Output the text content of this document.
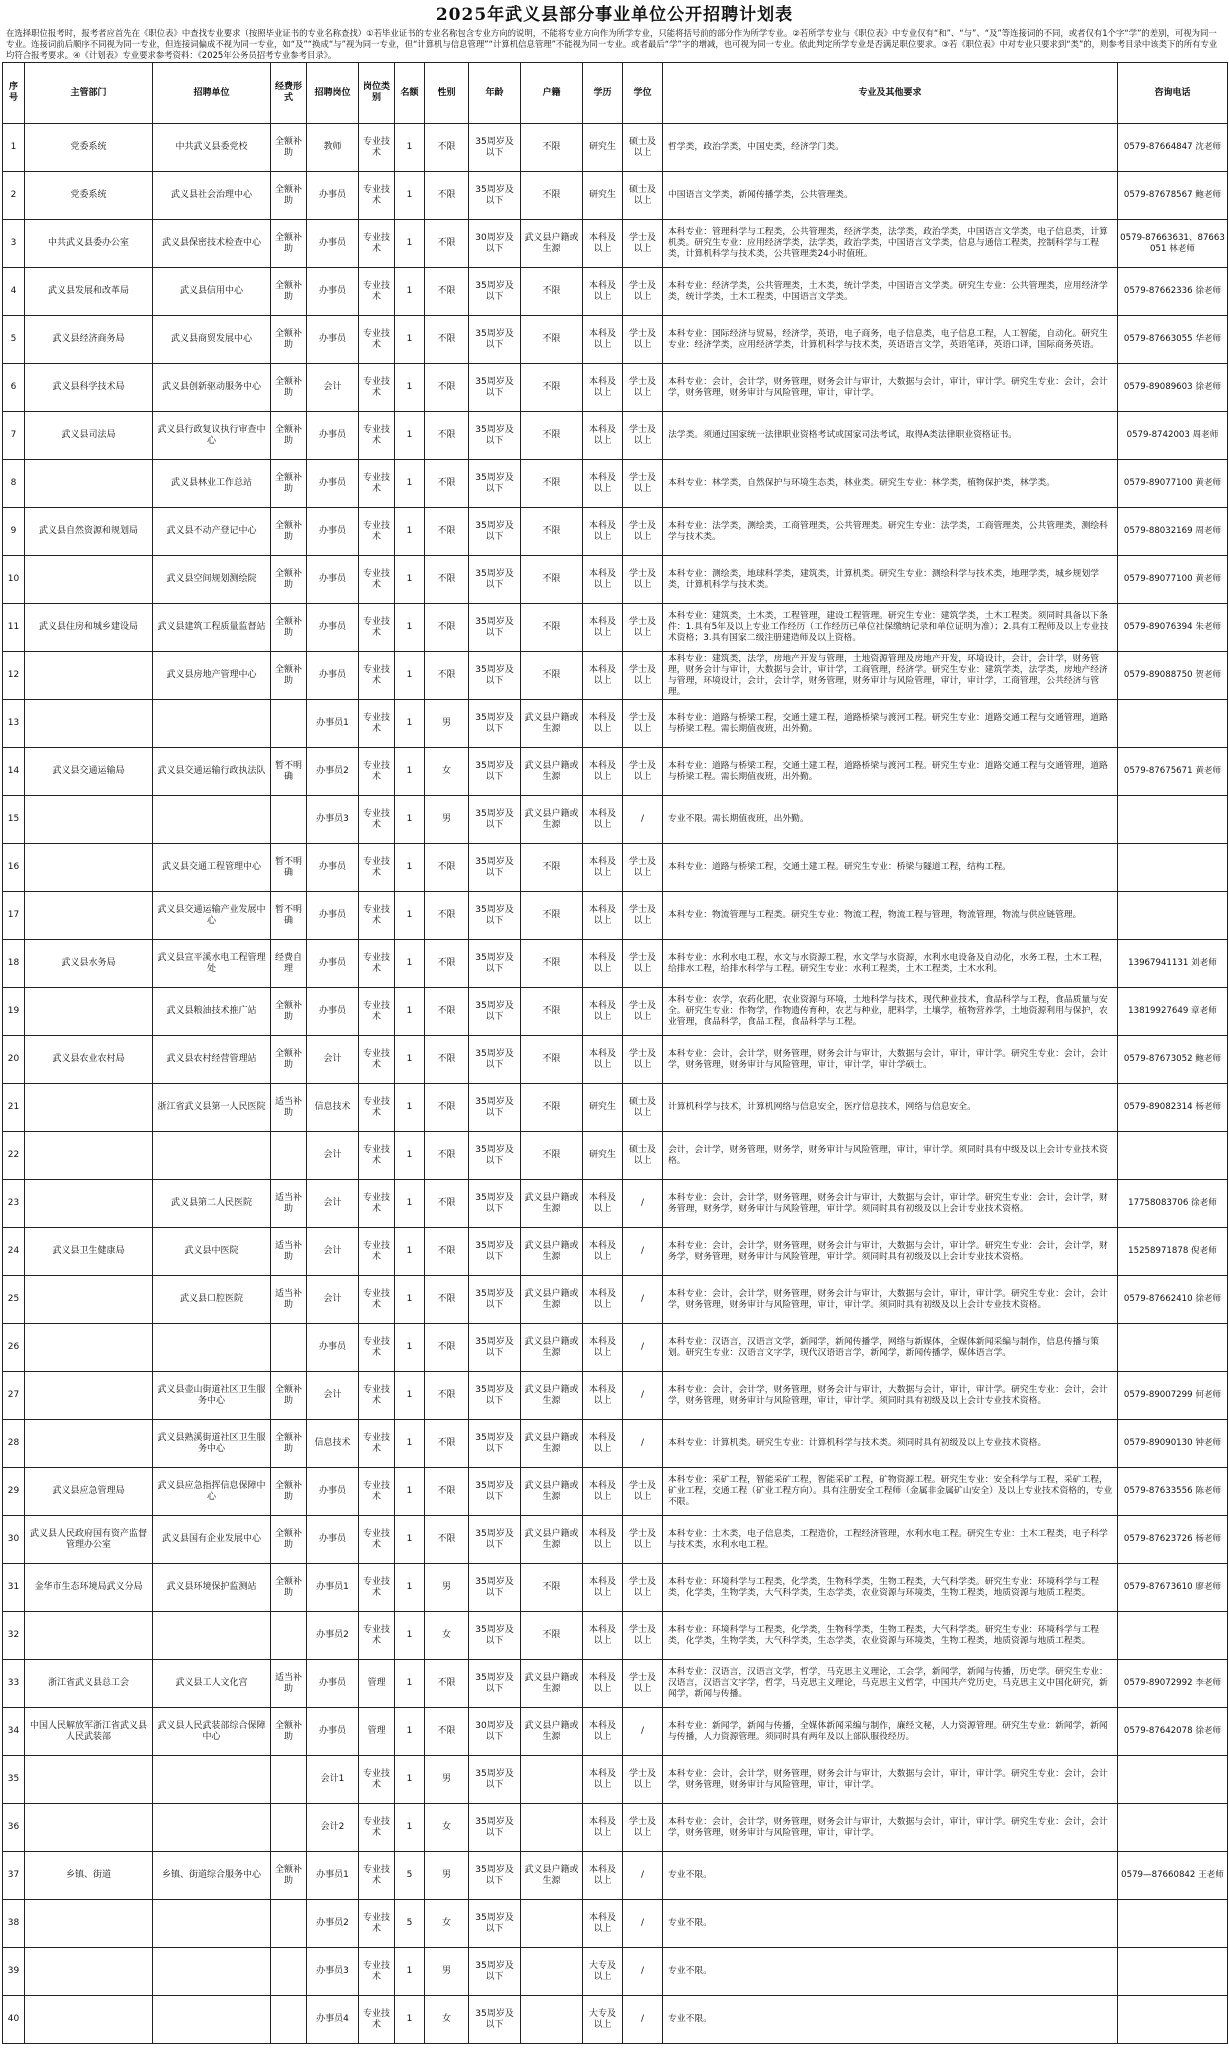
2025年武义县部分事业单位公开招聘计划表
在选择职位报考时，报考者应首先在《职位表》中查找专业要求（按照毕业证书的专业名称查找）①若毕业证书的专业名称包含专业方向的说明，不能将专业方向作为所学专业，只能将括号前的部分作为所学专业。②若所学专业与《职位表》中专业仅有“和”、“与”、“及”等连接词的不同，或者仅有1个字“学”的差别，可视为同一专业。连接词前后顺序不同视为同一专业，但连接词偏成不视为同一专业，如“及”“换成“与”视为同一专业，但“计算机与信息管理”“计算机信息管理”不能视为同一专业。或者最后“学”字的增减，也可视为同一专业。依此判定所学专业是否满足职位要求。③若《职位表》中对专业只要求到“类”的，则参考目录中该类下的所有专业均符合报考要求。④《计划表》专业要求参考资料：《2025年公务员招考专业参考目录》。
序号	主管部门	招聘单位	经费形式	招聘岗位	岗位类别	名额	性别	年龄	户籍	学历	学位	专业及其他要求	咨询电话
1	党委系统	中共武义县委党校	全额补助	教师	专业技术	1	不限	35周岁及以下	不限	研究生	硕士及以上	哲学类，政治学类，中国史类，经济学门类。	0579-87664847 沈老师
2	党委系统	武义县社会治理中心	全额补助	办事员	专业技术	1	不限	35周岁及以下	不限	研究生	硕士及以上	中国语言文学类，新闻传播学类，公共管理类。	0579-87678567 鲍老师
3	中共武义县委办公室	武义县保密技术检查中心	全额补助	办事员	专业技术	1	不限	30周岁及以下	武义县户籍或生源	本科及以上	学士及以上	本科专业：管理科学与工程类，公共管理类，经济学类，法学类，政治学类，中国语言文学类，电子信息类，计算机类。研究生专业：应用经济学类，法学类，政治学类，中国语言文学类，信息与通信工程类，控制科学与工程类，计算机科学与技术类，公共管理类24小时值班。	0579-87663631、87663051 林老师
4	武义县发展和改革局	武义县信用中心	全额补助	办事员	专业技术	1	不限	35周岁及以下	不限	本科及以上	学士及以上	本科专业：经济学类，公共管理类，土木类，统计学类，中国语言文学类。研究生专业：公共管理类，应用经济学类，统计学类，土木工程类，中国语言文学类。	0579-87662336 徐老师
5	武义县经济商务局	武义县商贸发展中心	全额补助	办事员	专业技术	1	不限	35周岁及以下	不限	本科及以上	学士及以上	本科专业：国际经济与贸易，经济学，英语，电子商务，电子信息类，电子信息工程，人工智能，自动化。研究生专业：经济学类，应用经济学类，计算机科学与技术类，英语语言文学，英语笔译，英语口译，国际商务英语。	0579-87663055 华老师
6	武义县科学技术局	武义县创新驱动服务中心	全额补助	会计	专业技术	1	不限	35周岁及以下	不限	本科及以上	学士及以上	本科专业：会计，会计学，财务管理，财务会计与审计，大数据与会计，审计，审计学。研究生专业：会计，会计学，财务管理，财务审计与风险管理，审计，审计学。	0579-89089603 徐老师
7	武义县司法局	武义县行政复议执行审查中心	全额补助	办事员	专业技术	1	不限	35周岁及以下	不限	本科及以上	学士及以上	法学类。须通过国家统一法律职业资格考试或国家司法考试，取得A类法律职业资格证书。	0579-8742003 周老师
8		武义县林业工作总站	全额补助	办事员	专业技术	1	不限	35周岁及以下	不限	本科及以上	学士及以上	本科专业：林学类，自然保护与环境生态类，林业类。研究生专业：林学类，植物保护类，林学类。	0579-89077100 黄老师
9	武义县自然资源和规划局	武义县不动产登记中心	全额补助	办事员	专业技术	1	不限	35周岁及以下	不限	本科及以上	学士及以上	本科专业：法学类，测绘类，工商管理类，公共管理类。研究生专业：法学类，工商管理类，公共管理类，测绘科学与技术类。	0579-88032169 周老师
10		武义县空间规划测绘院	全额补助	办事员	专业技术	1	不限	35周岁及以下	不限	本科及以上	学士及以上	本科专业：测绘类，地球科学类，建筑类，计算机类。研究生专业：测绘科学与技术类，地理学类，城乡规划学类，计算机科学与技术类。	0579-89077100 黄老师
11	武义县住房和城乡建设局	武义县建筑工程质量监督站	全额补助	办事员	专业技术	1	不限	35周岁及以下	不限	本科及以上	学士及以上	本科专业：建筑类，土木类，工程管理，建设工程管理。研究生专业：建筑学类，土木工程类。须同时具备以下条件：1.具有5年及以上专业工作经历（工作经历已单位社保缴纳记录和单位证明为准）；2.具有工程师及以上专业技术资格；3.具有国家二级注册建造师及以上资格。	0579-89076394 朱老师
12		武义县房地产管理中心	全额补助	办事员	专业技术	1	不限	35周岁及以下	不限	本科及以上	学士及以上	本科专业：建筑类，法学，房地产开发与管理，土地资源管理及房地产开发，环境设计，会计，会计学，财务管理，财务会计与审计，大数据与会计，审计学，工商管理，经济学。研究生专业：建筑学类，法学类，房地产经济与管理，环境设计，会计，会计学，财务管理，财务审计与风险管理，审计，审计学，工商管理，公共经济与管理。	0579-89088750 贺老师
13				办事员1	专业技术	1	男	35周岁及以下	武义县户籍或生源	本科及以上	学士及以上	本科专业：道路与桥梁工程，交通土建工程，道路桥梁与渡河工程。研究生专业：道路交通工程与交通管理，道路与桥梁工程。需长期值夜班，出外勤。	
14	武义县交通运输局	武义县交通运输行政执法队	暂不明确	办事员2	专业技术	1	女	35周岁及以下	武义县户籍或生源	本科及以上	学士及以上	本科专业：道路与桥梁工程，交通土建工程，道路桥梁与渡河工程。研究生专业：道路交通工程与交通管理，道路与桥梁工程。需长期值夜班，出外勤。	0579-87675671 黄老师
15				办事员3	专业技术	1	男	35周岁及以下	武义县户籍或生源	本科及以上	/	专业不限。需长期值夜班，出外勤。	
16		武义县交通工程管理中心	暂不明确	办事员	专业技术	1	不限	35周岁及以下	不限	本科及以上	学士及以上	本科专业：道路与桥梁工程，交通土建工程。研究生专业：桥梁与隧道工程，结构工程。	
17		武义县交通运输产业发展中心	暂不明确	办事员	专业技术	1	不限	35周岁及以下	不限	本科及以上	学士及以上	本科专业：物流管理与工程类。研究生专业：物流工程，物流工程与管理，物流管理，物流与供应链管理。	
18	武义县水务局	武义县宣平溪水电工程管理处	经费自理	办事员	专业技术	1	不限	35周岁及以下	不限	本科及以上	学士及以上	本科专业：水利水电工程，水文与水资源工程，水文学与水资源，水利水电设备及自动化，水务工程，土木工程，给排水工程，给排水科学与工程。研究生专业：水利工程类，土木工程类，土木水利。	13967941131 刘老师
19		武义县粮油技术推广站	全额补助	办事员	专业技术	1	不限	35周岁及以下	不限	本科及以上	学士及以上	本科专业：农学，农药化肥，农业资源与环境，土地科学与技术，现代种业技术，食品科学与工程，食品质量与安全。研究生专业：作物学，作物遗传育种，农艺与种业，肥料学，土壤学，植物营养学，土地资源利用与保护，农业管理，食品科学，食品工程，食品科学与工程。	13819927649 章老师
20	武义县农业农村局	武义县农村经营管理站	全额补助	会计	专业技术	1	不限	35周岁及以下	不限	本科及以上	学士及以上	本科专业：会计，会计学，财务管理，财务会计与审计，大数据与会计，审计，审计学。研究生专业：会计，会计学，财务管理，财务审计与风险管理，审计，审计学，审计学硕士。	0579-87673052 鲍老师
21		浙江省武义县第一人民医院	适当补助	信息技术	专业技术	1	不限	35周岁及以下	不限	研究生	硕士及以上	计算机科学与技术，计算机网络与信息安全，医疗信息技术，网络与信息安全。	0579-89082314 杨老师
22				会计	专业技术	1	不限	35周岁及以下	不限	研究生	硕士及以上	会计，会计学，财务管理，财务学，财务审计与风险管理，审计，审计学。须同时具有中级及以上会计专业技术资格。	
23		武义县第二人民医院	适当补助	会计	专业技术	1	不限	35周岁及以下	武义县户籍或生源	本科及以上	/	本科专业：会计，会计学，财务管理，财务会计与审计，大数据与会计，审计学。研究生专业：会计，会计学，财务管理，财务学，财务审计与风险管理，审计学。须同时具有初级及以上会计专业技术资格。	17758083706 徐老师
24	武义县卫生健康局	武义县中医院	适当补助	会计	专业技术	1	不限	35周岁及以下	武义县户籍或生源	本科及以上	/	本科专业：会计，会计学，财务管理，财务会计与审计，大数据与会计，审计学。研究生专业：会计，会计学，财务学，财务管理，财务审计与风险管理，审计学。须同时具有初级及以上会计专业技术资格。	15258971878 倪老师
25		武义县口腔医院	适当补助	会计	专业技术	1	不限	35周岁及以下	武义县户籍或生源	本科及以上	/	本科专业：会计，会计学，财务管理，财务会计与审计，大数据与会计，审计，审计学。研究生专业：会计，会计学，财务管理，财务审计与风险管理，审计，审计学。须同时具有初级及以上会计专业技术资格。	0579-87662410 徐老师
26				办事员	专业技术	1	不限	35周岁及以下	武义县户籍或生源	本科及以上	/	本科专业：汉语言，汉语言文学，新闻学，新闻传播学，网络与新媒体，全媒体新闻采编与制作，信息传播与策划。研究生专业：汉语言文字学，现代汉语语言学，新闻学，新闻传播学，媒体语言学。	
27		武义县壶山街道社区卫生服务中心	全额补助	会计	专业技术	1	不限	35周岁及以下	武义县户籍或生源	本科及以上	/	本科专业：会计，会计学，财务管理，财务会计与审计，大数据与会计，审计，审计学。研究生专业：会计，会计学，财务管理，财务审计与风险管理，审计，审计学。须同时具有初级及以上会计专业技术资格。	0579-89007299 何老师
28		武义县熟溪街道社区卫生服务中心	全额补助	信息技术	专业技术	1	不限	35周岁及以下	武义县户籍或生源	本科及以上	/	本科专业：计算机类。研究生专业：计算机科学与技术类。须同时具有初级及以上专业技术资格。	0579-89090130 钟老师
29	武义县应急管理局	武义县应急指挥信息保障中心	全额补助	办事员	专业技术	1	不限	35周岁及以下	武义县户籍或生源	本科及以上	学士及以上	本科专业：采矿工程，智能采矿工程，智能采矿工程，矿物资源工程。研究生专业：安全科学与工程，采矿工程，矿业工程，交通工程（矿业工程方向）。具有注册安全工程师（金属非金属矿山安全）及以上专业技术资格的，专业不限。	0579-87633556 陈老师
30	武义县人民政府国有资产监督管理办公室	武义县国有企业发展中心	全额补助	办事员	专业技术	1	不限	35周岁及以下	武义县户籍或生源	本科及以上	学士及以上	本科专业：土木类，电子信息类，工程造价，工程经济管理，水利水电工程。研究生专业：土木工程类，电子科学与技术类，水利水电工程。	0579-87623726 杨老师
31	金华市生态环境局武义分局	武义县环境保护监测站	全额补助	办事员1	专业技术	1	男	35周岁及以下	不限	本科及以上	学士及以上	本科专业：环境科学与工程类，化学类，生物科学类，生物工程类，大气科学类。研究生专业：环境科学与工程类，化学类，生物学类，大气科学类，生态学类，农业资源与环境类，生物工程类，地质资源与地质工程类。	0579-87673610 廖老师
32				办事员2	专业技术	1	女	35周岁及以下	不限	本科及以上	学士及以上	本科专业：环境科学与工程类，化学类，生物科学类，生物工程类，大气科学类。研究生专业：环境科学与工程类，化学类，生物学类，大气科学类，生态学类，农业资源与环境类，生物工程类，地质资源与地质工程类。	
33	浙江省武义县总工会	武义县工人文化宫	适当补助	办事员	管理	1	不限	35周岁及以下	武义县户籍或生源	本科及以上	学士及以上	本科专业：汉语言，汉语言文学，哲学，马克思主义理论，工会学，新闻学，新闻与传播，历史学。研究生专业：汉语言，汉语言文字学，哲学，马克思主义理论，马克思主义哲学，中国共产党历史，马克思主义中国化研究，新闻学，新闻与传播。	0579-89072992 李老师
34	中国人民解放军浙江省武义县人民武装部	武义县人民武装部综合保障中心	全额补助	办事员	管理	1	不限	30周岁及以下	武义县户籍或生源	本科及以上	/	本科专业：新闻学，新闻与传播，全媒体新闻采编与制作，廉经文秘，人力资源管理。研究生专业：新闻学，新闻与传播，人力资源管理。须同时具有两年及以上部队服役经历。	0579-87642078 徐老师
35				会计1	专业技术	1	男	35周岁及以下		本科及以上	学士及以上	本科专业：会计，会计学，财务管理，财务会计与审计，大数据与会计，审计，审计学。研究生专业：会计，会计学，财务管理，财务审计与风险管理，审计，审计学。	
36				会计2	专业技术	1	女	35周岁及以下		本科及以上	学士及以上	本科专业：会计，会计学，财务管理，财务会计与审计，大数据与会计，审计，审计学。研究生专业：会计，会计学，财务管理，财务审计与风险管理，审计，审计学。	
37	乡镇、街道	乡镇、街道综合服务中心	全额补助	办事员1	专业技术	5	男	35周岁及以下	武义县户籍或生源	本科及以上	/	专业不限。	0579—87660842 王老师
38				办事员2	专业技术	5	女	35周岁及以下		本科及以上	/	专业不限。	
39				办事员3	专业技术	1	男	35周岁及以下		大专及以上	/	专业不限。	
40				办事员4	专业技术	1	女	35周岁及以下		大专及以上	/	专业不限。	
